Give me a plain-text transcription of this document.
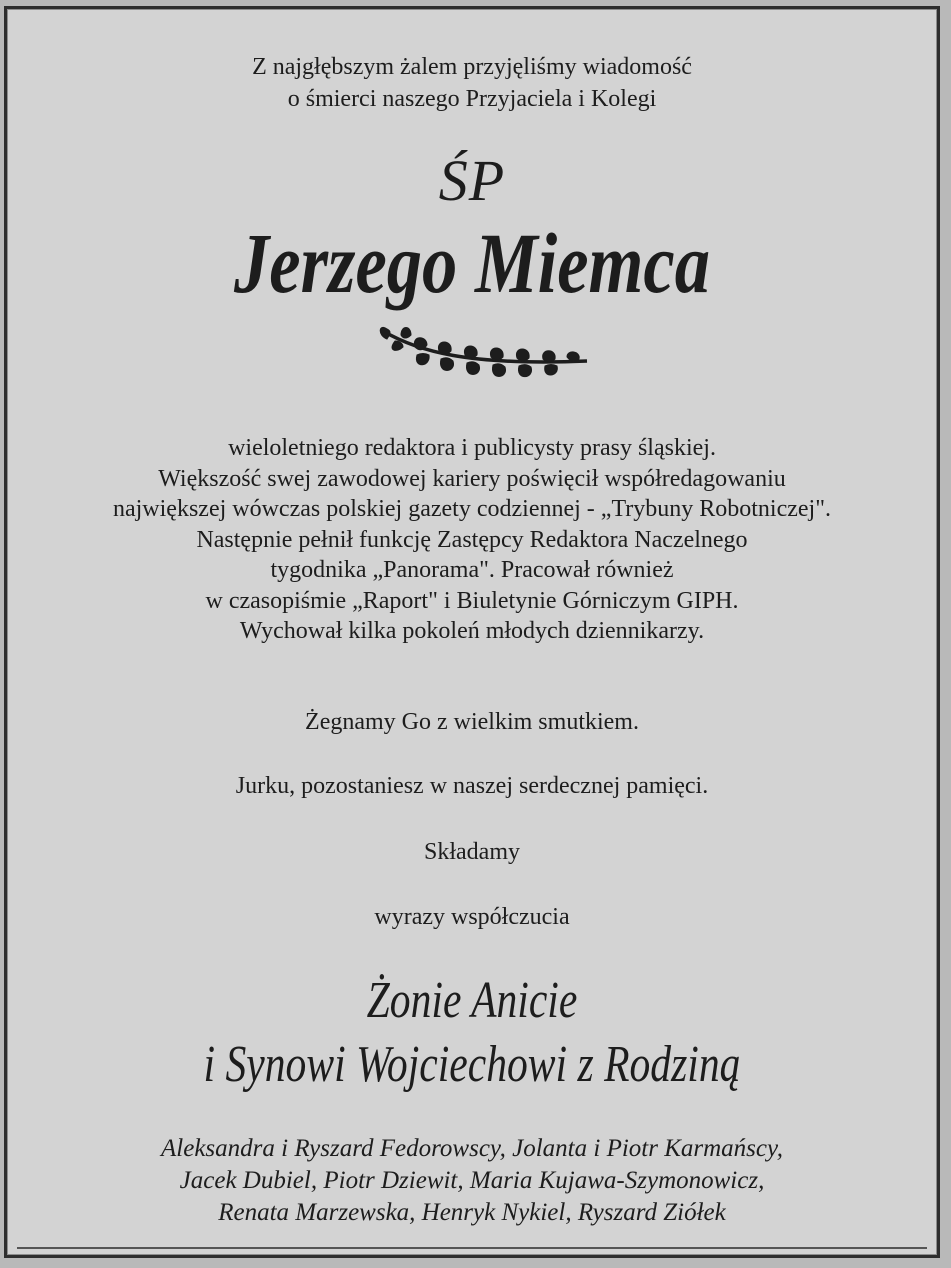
Z najgłębszym żalem przyjęliśmy wiadomość
o śmierci naszego Przyjaciela i Kolegi
ŚP
Jerzego Miemca
wieloletniego redaktora i publicysty prasy śląskiej.
Większość swej zawodowej kariery poświęcił współredagowaniu
największej wówczas polskiej gazety codziennej - „Trybuny Robotniczej".
Następnie pełnił funkcję Zastępcy Redaktora Naczelnego
tygodnika „Panorama". Pracował również
w czasopiśmie „Raport" i Biuletynie Górniczym GIPH.
Wychował kilka pokoleń młodych dziennikarzy.
Żegnamy Go z wielkim smutkiem.
Jurku, pozostaniesz w naszej serdecznej pamięci.
Składamy
wyrazy współczucia
Żonie Anicie
i Synowi Wojciechowi z Rodziną
Aleksandra i Ryszard Fedorowscy, Jolanta i Piotr Karmańscy,
Jacek Dubiel, Piotr Dziewit, Maria Kujawa-Szymonowicz,
Renata Marzewska, Henryk Nykiel, Ryszard Ziółek
